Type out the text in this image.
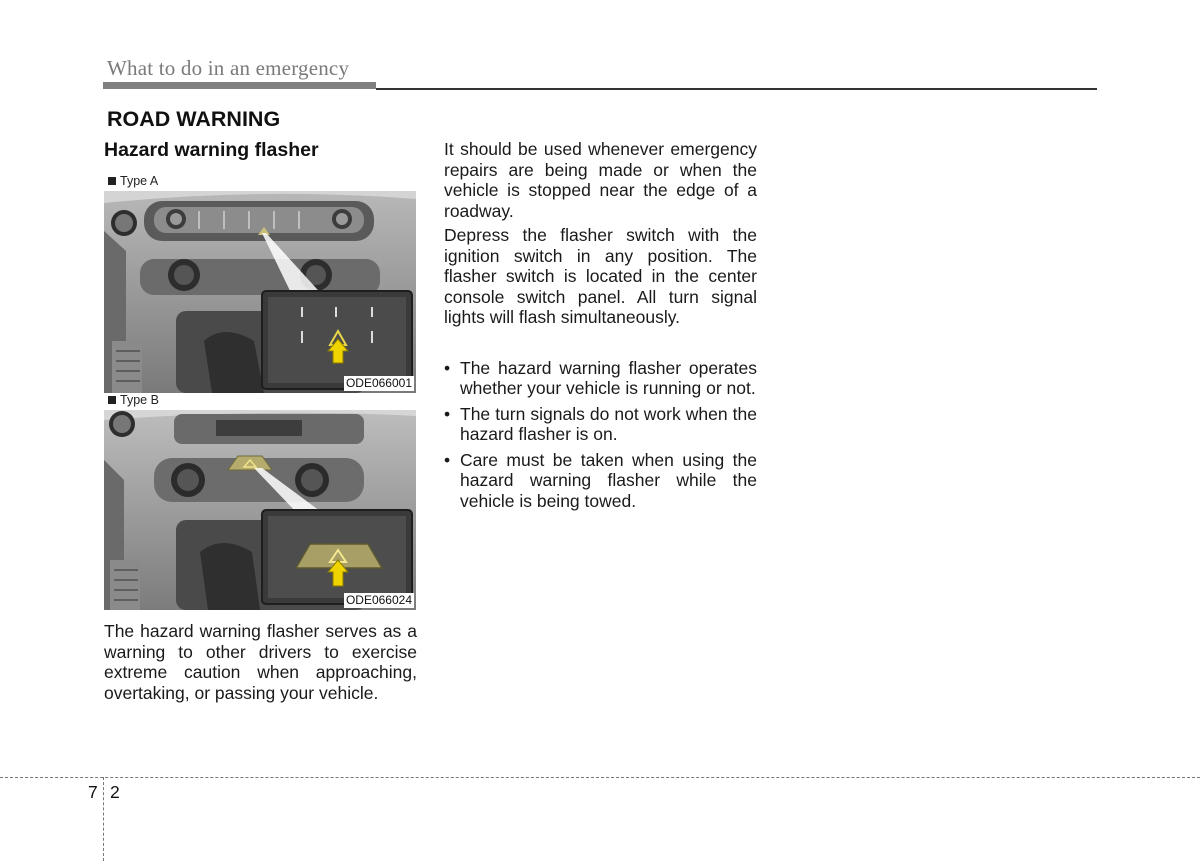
What to do in an emergency
ROAD WARNING
Hazard warning flasher
Type A
ODE066001
Type B
ODE066024

The hazard warning flasher serves as a warning to other drivers to exercise extreme caution when approaching, overtaking, or passing your vehicle.

It should be used whenever emergency repairs are being made or when the vehicle is stopped near the edge of a roadway.

Depress the flasher switch with the ignition switch in any position. The flasher switch is located in the center console switch panel. All turn signal lights will flash simultaneously.

• The hazard warning flasher operates whether your vehicle is running or not.
• The turn signals do not work when the hazard flasher is on.
• Care must be taken when using the hazard warning flasher while the vehicle is being towed.
7 2
